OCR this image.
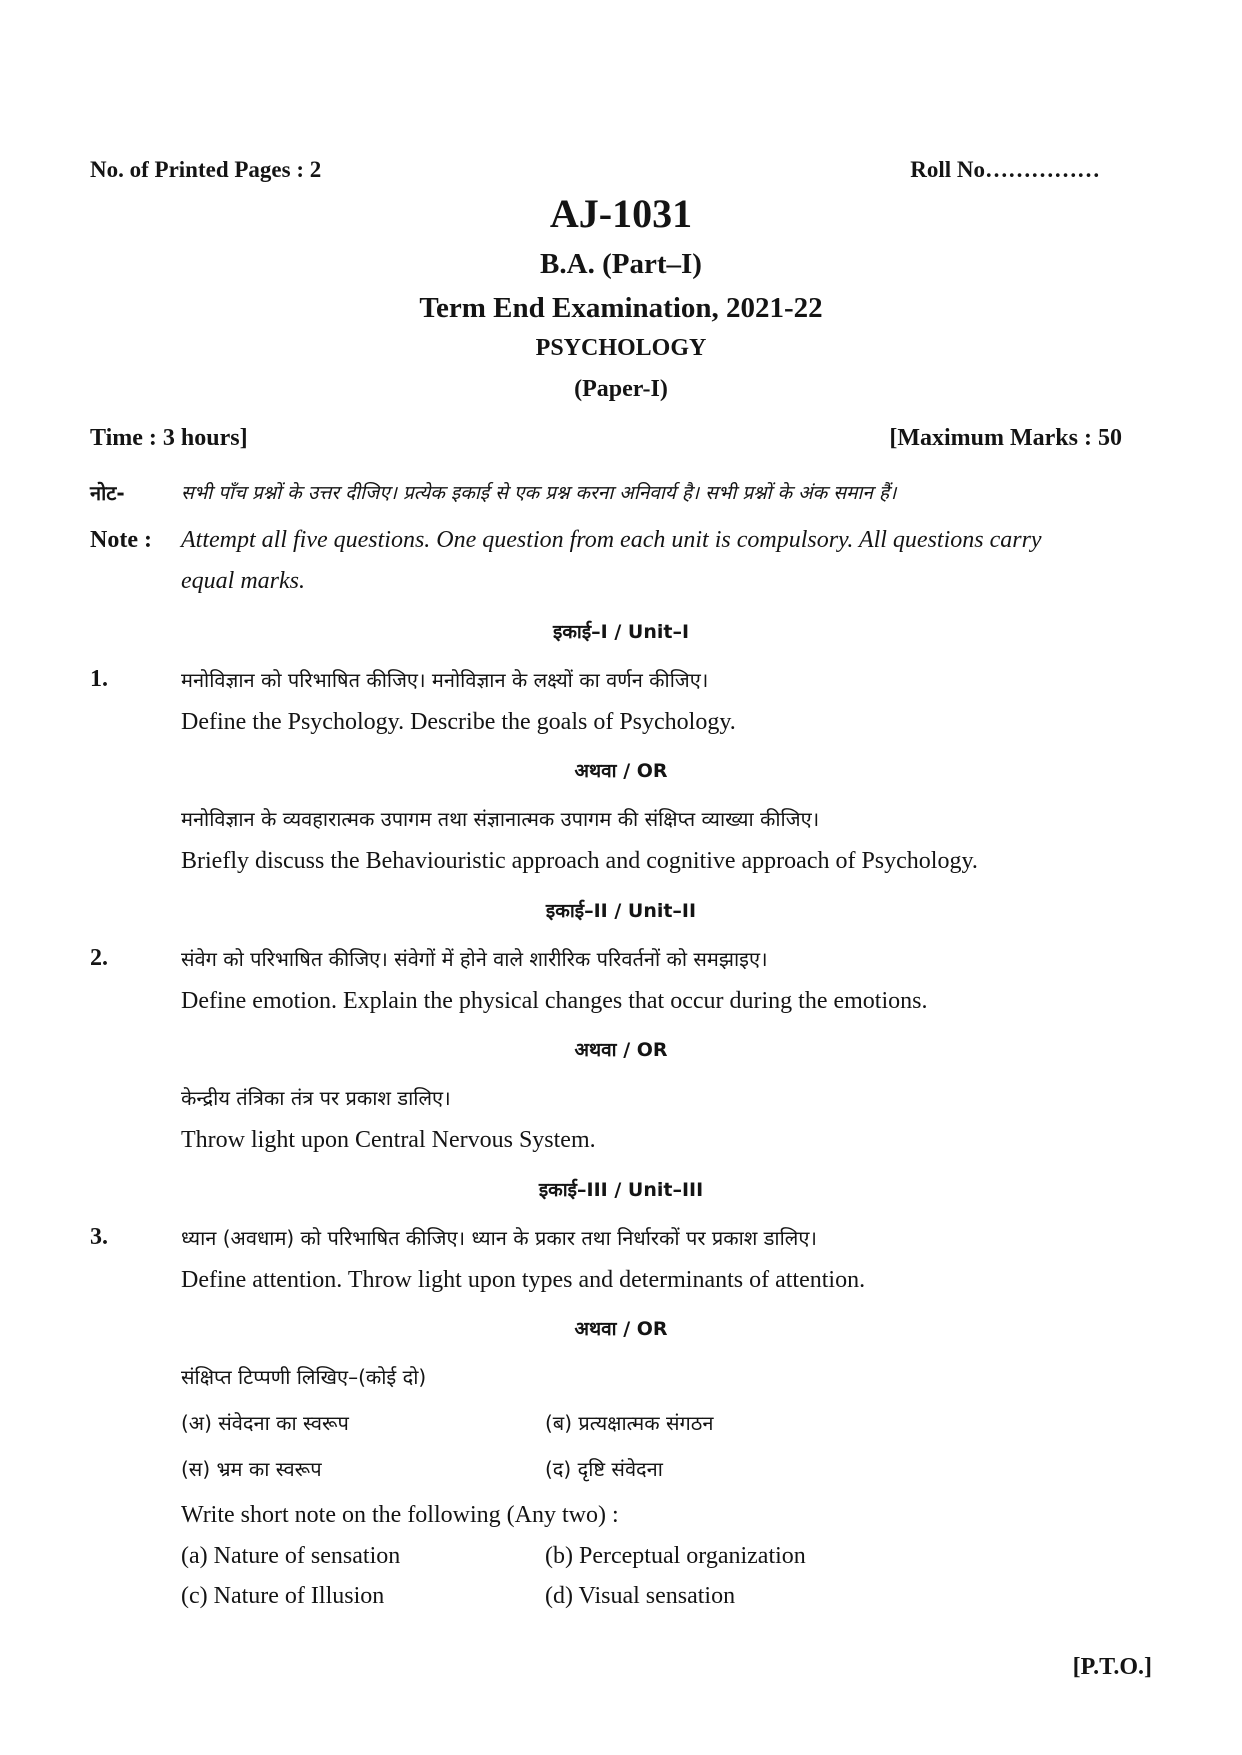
No. of Printed Pages : 2	Roll No……………
AJ-1031
B.A. (Part–I)
Term End Examination, 2021-22
PSYCHOLOGY
(Paper-I)
Time : 3 hours]	[Maximum Marks : 50
नोट-	सभी पाँच प्रश्नों के उत्तर दीजिए। प्रत्येक इकाई से एक प्रश्न करना अनिवार्य है। सभी प्रश्नों के अंक समान हैं।
Note : Attempt all five questions. One question from each unit is compulsory. All questions carry
equal marks.
इकाई–I / Unit–I
1.	मनोविज्ञान को परिभाषित कीजिए। मनोविज्ञान के लक्ष्यों का वर्णन कीजिए।
Define the Psychology. Describe the goals of Psychology.
अथवा / OR
मनोविज्ञान के व्यवहारात्मक उपागम तथा संज्ञानात्मक उपागम की संक्षिप्त व्याख्या कीजिए।
Briefly discuss the Behaviouristic approach and cognitive approach of Psychology.
इकाई–II / Unit–II
2.	संवेग को परिभाषित कीजिए। संवेगों में होने वाले शारीरिक परिवर्तनों को समझाइए।
Define emotion. Explain the physical changes that occur during the emotions.
अथवा / OR
केन्द्रीय तंत्रिका तंत्र पर प्रकाश डालिए।
Throw light upon Central Nervous System.
इकाई–III / Unit–III
3.	ध्यान (अवधाम) को परिभाषित कीजिए। ध्यान के प्रकार तथा निर्धारकों पर प्रकाश डालिए।
Define attention. Throw light upon types and determinants of attention.
अथवा / OR
संक्षिप्त टिप्पणी लिखिए–(कोई दो)
(अ) संवेदना का स्वरूप	(ब) प्रत्यक्षात्मक संगठन
(स) भ्रम का स्वरूप	(द) दृष्टि संवेदना
Write short note on the following (Any two) :
(a) Nature of sensation	(b) Perceptual organization
(c) Nature of Illusion	(d) Visual sensation
[P.T.O.]
